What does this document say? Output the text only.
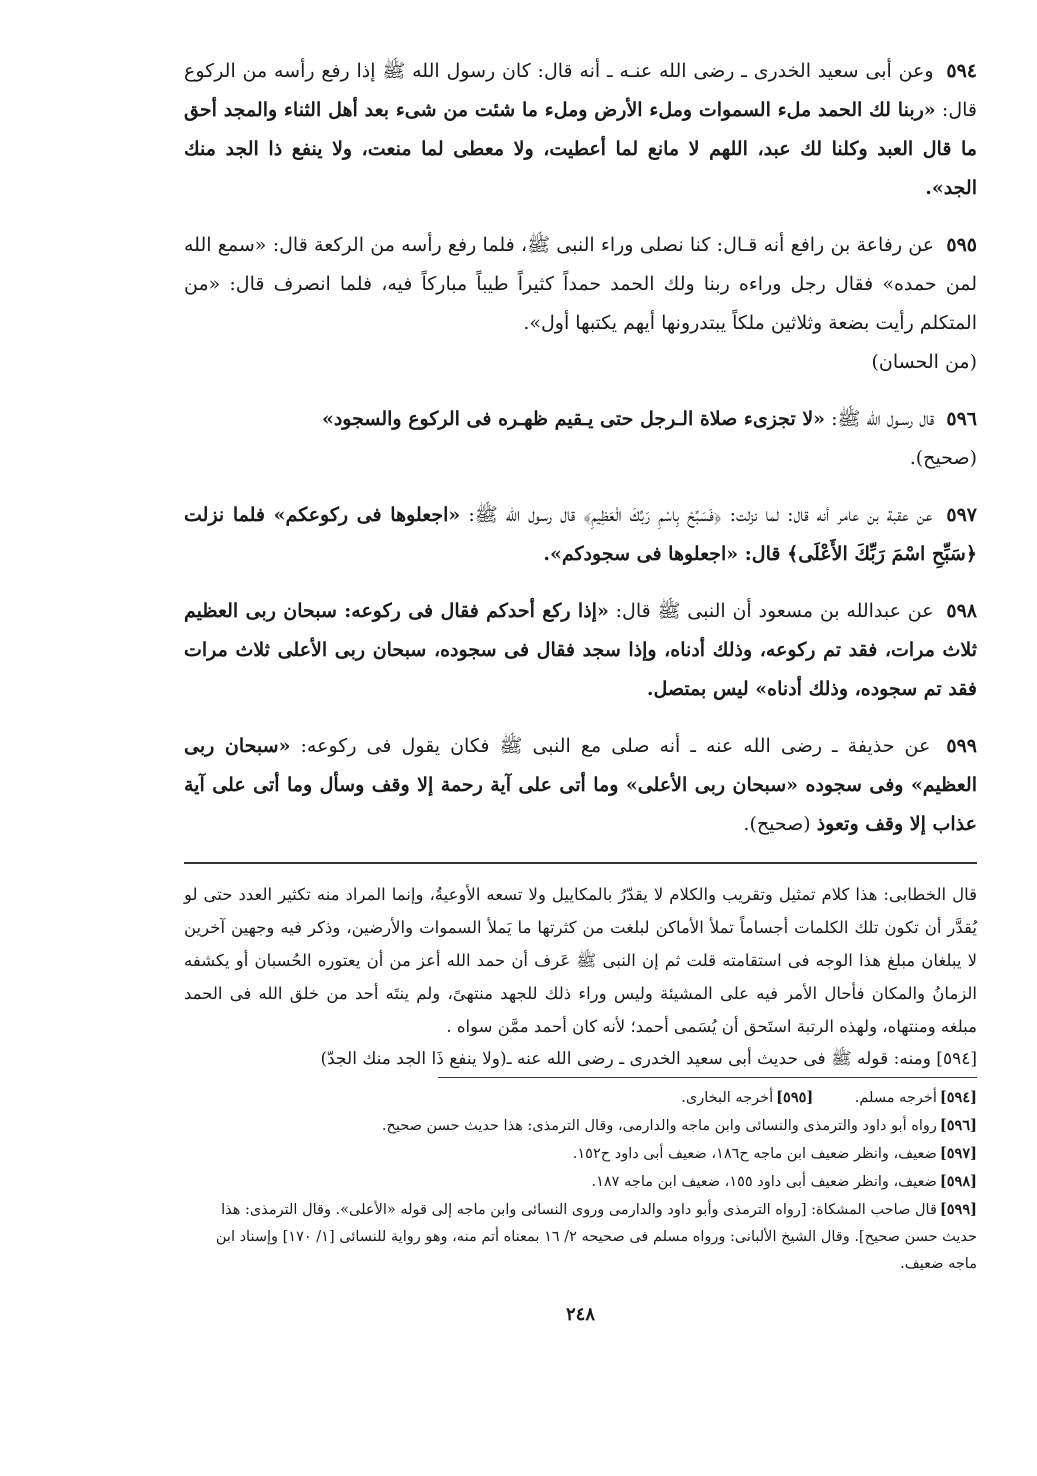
٥٩٤ وعن أبى سعيد الخدرى ـ رضى الله عنـه ـ أنه قال: كان رسول الله ﷺ إذا رفع رأسه من الركوع قال: «ربنا لك الحمد ملء السموات وملء الأرض وملء ما شئت من شىء بعد أهل الثناء والمجد أحق ما قال العبد وكلنا لك عبد، اللهم لا مانع لما أعطيت، ولا معطى لما منعت، ولا ينفع ذا الجد منك الجد».

٥٩٥ عن رفاعة بن رافع أنه قـال: كنا نصلى وراء النبى ﷺ، فلما رفع رأسه من الركعة قال: «سمع الله لمن حمده» فقال رجل وراءه ربنا ولك الحمد حمداً كثيراً طيباً مباركاً فيه، فلما انصرف قال: «من المتكلم رأيت بضعة وثلاثين ملكاً يبتدرونها أيهم يكتبها أول».

(من الحسان)

٥٩٦ قال رسـول الله ﷺ: «لا تجزىء صلاة الـرجل حتى يـقيم ظهـره فى الركوع والسجود»

(صحيح).

٥٩٧ عن عقبة بن عامر أنه قال: لما نزلت: ﴿فَسَبِّحْ بِاسْمِ رَبِّكَ الْعَظِيمِ﴾ قال رسول الله ﷺ: «اجعلوها فى ركوعكم» فلما نزلت ﴿سَبِّحِ اسْمَ رَبِّكَ الأَعْلَى﴾ قال: «اجعلوها فى سجودكم».

٥٩٨ عن عبدالله بن مسعود أن النبى ﷺ قال: «إذا ركع أحدكم فقال فى ركوعه: سبحان ربى العظيم ثلاث مرات، فقد تم ركوعه، وذلك أدناه، وإذا سجد فقال فى سجوده، سبحان ربى الأعلى ثلاث مرات فقد تم سجوده، وذلك أدناه» ليس بمتصل.

٥٩٩ عن حذيفة ـ رضى الله عنه ـ أنه صلى مع النبى ﷺ فكان يقول فى ركوعه: «سبحان ربى العظيم» وفى سجوده «سبحان ربى الأعلى» وما أتى على آية رحمة إلا وقف وسأل وما أتى على آية عذاب إلا وقف وتعوذ (صحيح).

قال الخطابى: هذا كلام تمثيل وتقريب والكلام لا يقدّرُ بالمكاييل ولا تسعه الأوعيةُ، وإنما المراد منه تكثير العدد حتى لو يُقدَّر أن تكون تلك الكلمات أجساماً تملأ الأماكن لبلغت من كثرتها ما يَملأ السموات والأرضين، وذكر فيه وجهين آخرين لا يبلغان مبلغ هذا الوجه فى استقامته قلت ثم إن النبى ﷺ عَرف أن حمد الله أعز من أن يعتوره الحُسبان أو يكشفه الزمانُ والمكان فأحال الأمر فيه على المشيئة وليس وراء ذلك للجهد منتهىً، ولم ينتَه أحد من خلق الله فى الحمد مبلغه ومنتهاه، ولهذه الرتبة استَحق أن يُسَمى أحمد؛ لأنه كان أحمد ممَّن سواه .

[٥٩٤] ومنه: قوله ﷺ فى حديث أبى سعيد الخدرى ـ رضى الله عنه ـ(ولا ينفع ذَا الجد منك الجدّ)

[٥٩٤]أخرجه مسلم.         [٥٩٥]أخرجه البخارى.

[٥٩٦]رواه أبو داود والترمذى والنسائى وابن ماجه والدارمى، وقال الترمذى: هذا حديث حسن صحيح.

[٥٩٧]ضعيف، وانظر ضعيف ابن ماجه ح١٨٦، ضعيف أبى داود ح١٥٢.

[٥٩٨]ضعيف، وانظر ضعيف أبى داود ١٥٥، ضعيف ابن ماجه ١٨٧.

[٥٩٩]قال صاحب المشكاة: [رواه الترمذى وأبو داود والدارمى وروى النسائى وابن ماجه إلى قوله «الأعلى». وقال الترمذى: هذا حديث حسن صحيح]. وقال الشيخ الألبانى: ورواه مسلم فى صحيحه ٢/ ١٦ بمعناه أتم منه، وهو رواية للنسائى [١/ ١٧٠] وإسناد ابن ماجه ضعيف.

٢٤٨
